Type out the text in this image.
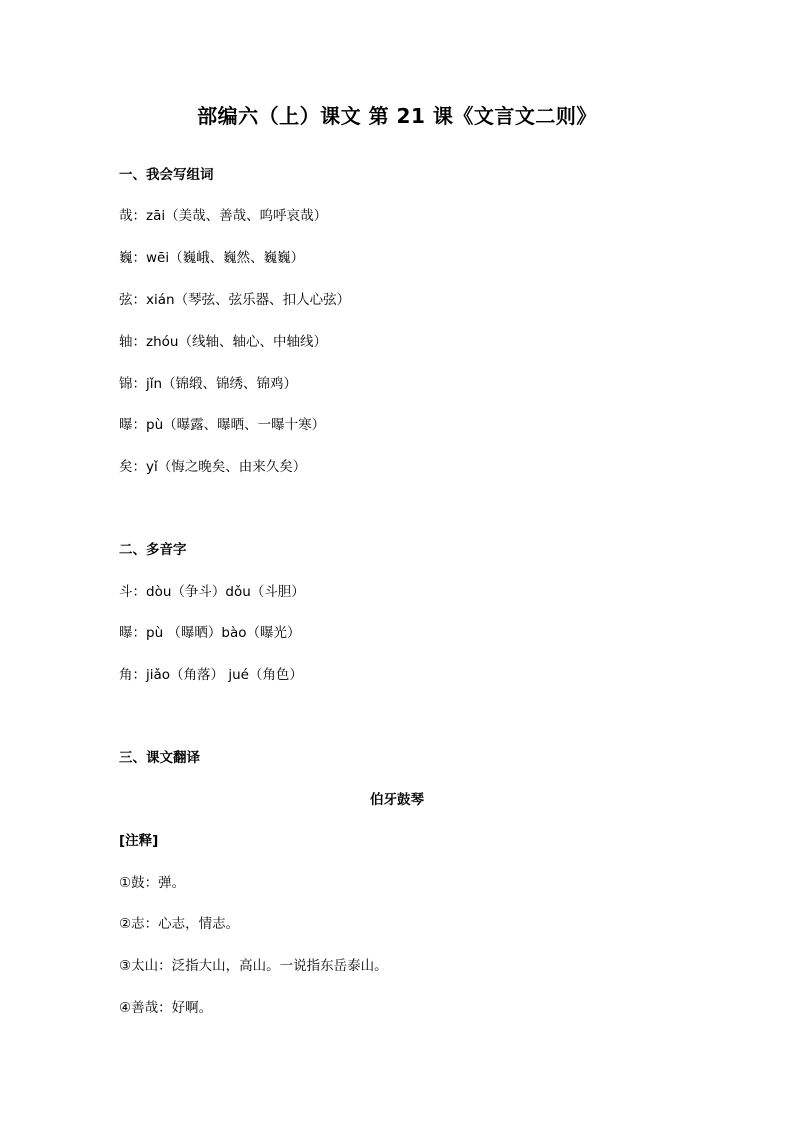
部编六（上）课文 第 21 课《文言文二则》
一、我会写组词
哉：zāi（美哉、善哉、呜呼哀哉）
巍：wēi（巍峨、巍然、巍巍）
弦：xián（琴弦、弦乐器、扣人心弦）
轴：zhóu（线轴、轴心、中轴线）
锦：jǐn（锦缎、锦绣、锦鸡）
曝：pù（曝露、曝晒、一曝十寒）
矣：yǐ（悔之晚矣、由来久矣）
二、多音字
斗：dòu（争斗）dǒu（斗胆）
曝：pù （曝晒）bào（曝光）
角：jiǎo（角落） jué（角色）
三、课文翻译
伯牙鼓琴
[注释]
①鼓：弹。
②志：心志，情志。
③太山：泛指大山，高山。一说指东岳泰山。
④善哉：好啊。
